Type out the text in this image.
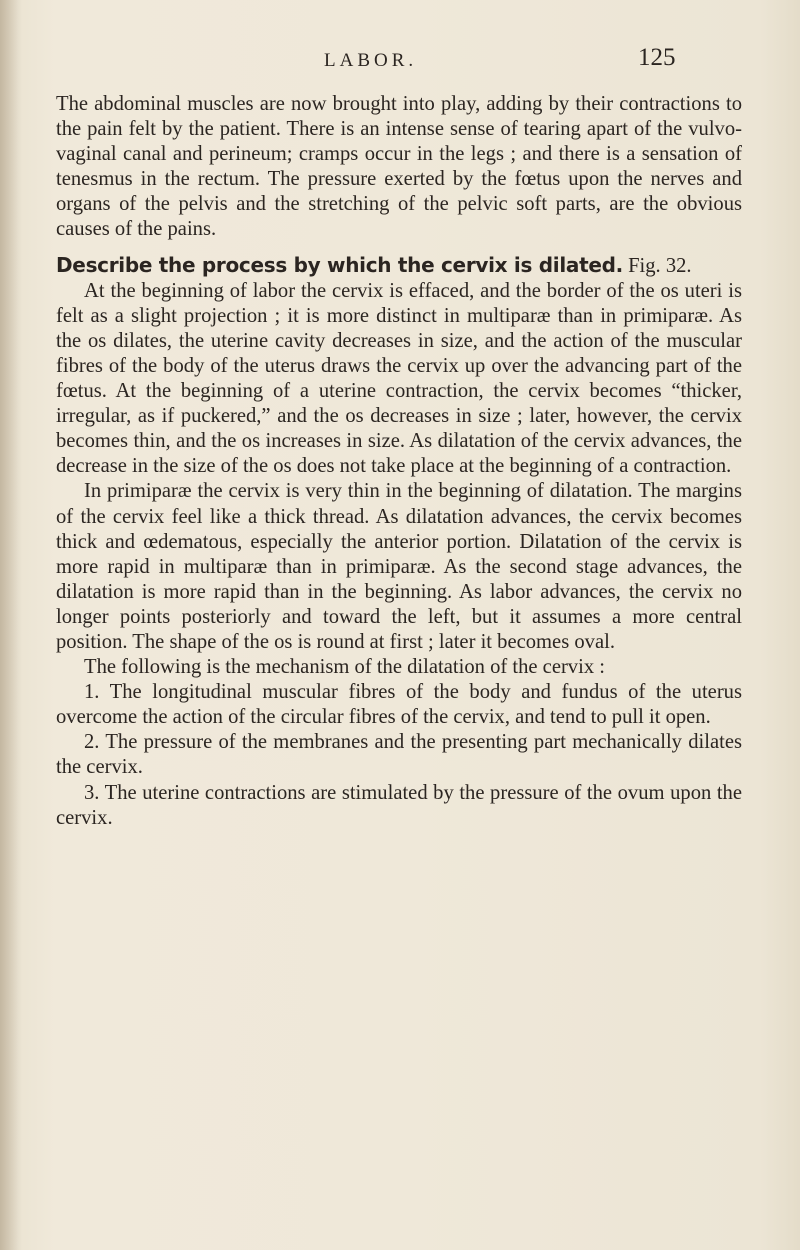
LABOR.	125

The abdominal muscles are now brought into play, adding by their contractions to the pain felt by the patient. There is an intense sense of tearing apart of the vulvo-vaginal canal and perineum; cramps occur in the legs ; and there is a sensation of tenesmus in the rectum. The pressure exerted by the fœtus upon the nerves and organs of the pelvis and the stretching of the pelvic soft parts, are the obvious causes of the pains.

Describe the process by which the cervix is dilated. Fig. 32.

At the beginning of labor the cervix is effaced, and the border of the os uteri is felt as a slight projection ; it is more distinct in multiparæ than in primiparæ. As the os dilates, the uterine cavity decreases in size, and the action of the muscular fibres of the body of the uterus draws the cervix up over the advancing part of the fœtus. At the beginning of a uterine contraction, the cervix becomes “thicker, irregular, as if puckered,” and the os decreases in size ; later, however, the cervix becomes thin, and the os increases in size. As dilatation of the cervix advances, the decrease in the size of the os does not take place at the beginning of a contraction.

In primiparæ the cervix is very thin in the beginning of dilatation. The margins of the cervix feel like a thick thread. As dilatation advances, the cervix becomes thick and œdematous, especially the anterior portion. Dilatation of the cervix is more rapid in multiparæ than in primiparæ. As the second stage advances, the dilatation is more rapid than in the beginning. As labor advances, the cervix no longer points posteriorly and toward the left, but it assumes a more central position. The shape of the os is round at first ; later it becomes oval.

The following is the mechanism of the dilatation of the cervix :

1. The longitudinal muscular fibres of the body and fundus of the uterus overcome the action of the circular fibres of the cervix, and tend to pull it open.

2. The pressure of the membranes and the presenting part mechanically dilates the cervix.

3. The uterine contractions are stimulated by the pressure of the ovum upon the cervix.
